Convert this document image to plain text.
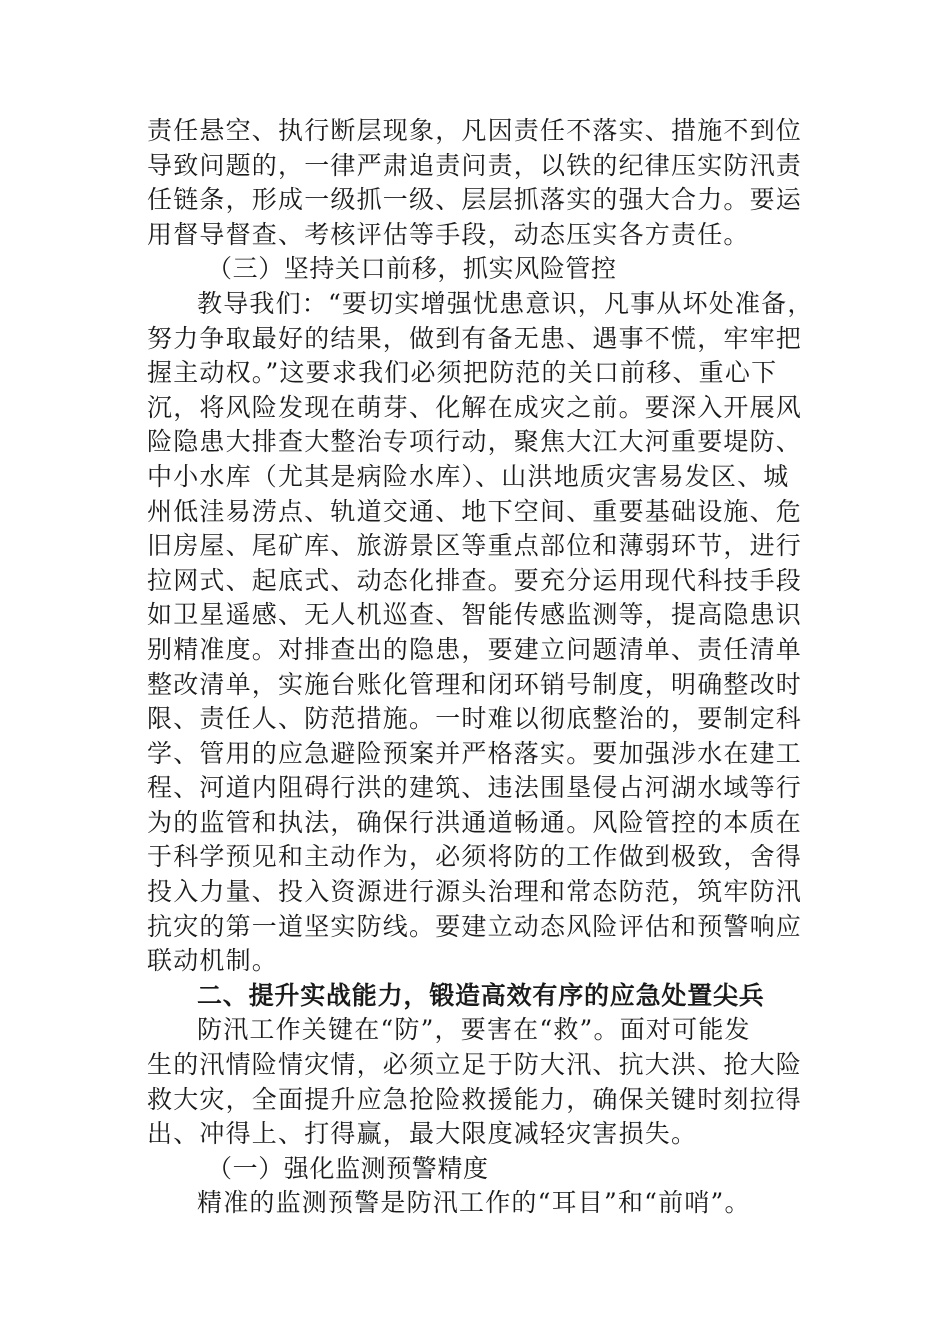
责任悬空、执行断层现象，凡因责任不落实、措施不到位
导致问题的，一律严肃追责问责，以铁的纪律压实防汛责
任链条，形成一级抓一级、层层抓落实的强大合力。要运
用督导督查、考核评估等手段，动态压实各方责任。
（三）坚持关口前移，抓实风险管控
教导我们：“要切实增强忧患意识，凡事从坏处准备，
努力争取最好的结果，做到有备无患、遇事不慌，牢牢把
握主动权。”这要求我们必须把防范的关口前移、重心下
沉，将风险发现在萌芽、化解在成灾之前。要深入开展风
险隐患大排查大整治专项行动，聚焦大江大河重要堤防、
中小水库（尤其是病险水库）、山洪地质灾害易发区、城
州低洼易涝点、轨道交通、地下空间、重要基础设施、危
旧房屋、尾矿库、旅游景区等重点部位和薄弱环节，进行
拉网式、起底式、动态化排查。要充分运用现代科技手段
如卫星遥感、无人机巡查、智能传感监测等，提高隐患识
别精准度。对排查出的隐患，要建立问题清单、责任清单
整改清单，实施台账化管理和闭环销号制度，明确整改时
限、责任人、防范措施。一时难以彻底整治的，要制定科
学、管用的应急避险预案并严格落实。要加强涉水在建工
程、河道内阻碍行洪的建筑、违法围垦侵占河湖水域等行
为的监管和执法，确保行洪通道畅通。风险管控的本质在
于科学预见和主动作为，必须将防的工作做到极致，舍得
投入力量、投入资源进行源头治理和常态防范，筑牢防汛
抗灾的第一道坚实防线。要建立动态风险评估和预警响应
联动机制。
二、提升实战能力，锻造高效有序的应急处置尖兵
防汛工作关键在“防”，要害在“救”。面对可能发
生的汛情险情灾情，必须立足于防大汛、抗大洪、抢大险
救大灾，全面提升应急抢险救援能力，确保关键时刻拉得
出、冲得上、打得赢，最大限度减轻灾害损失。
（一）强化监测预警精度
精准的监测预警是防汛工作的“耳目”和“前哨”。
